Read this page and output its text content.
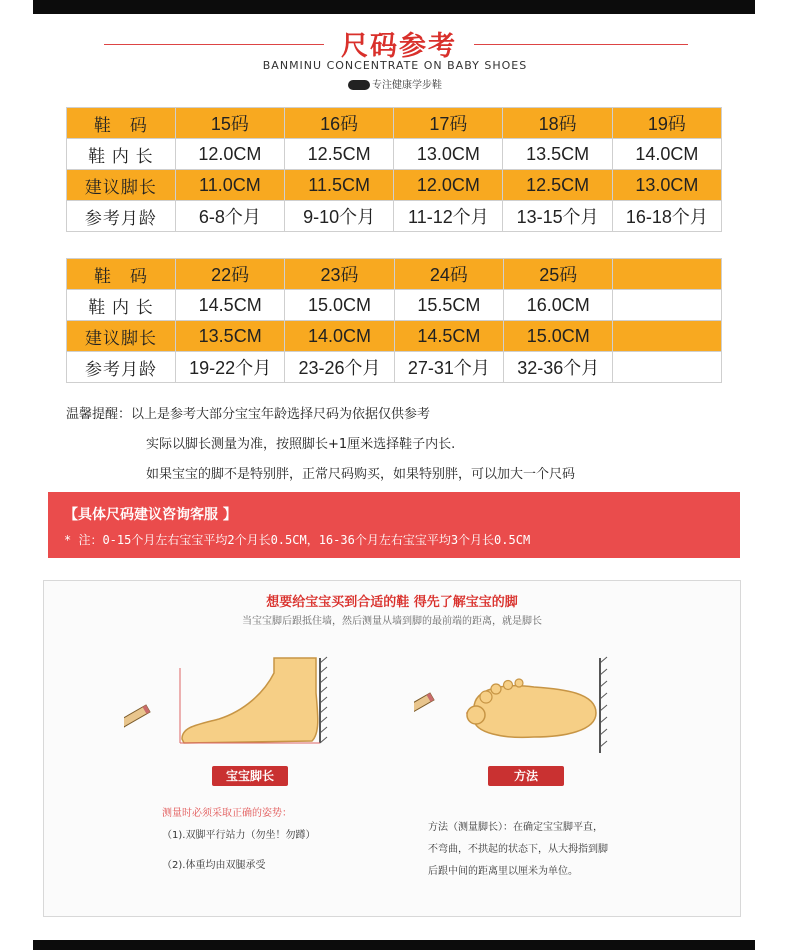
尺码参考
BANMINU CONCENTRATE ON BABY SHOES
专注健康学步鞋
鞋　码	15码	16码	17码	18码	19码
鞋 内 长	12.0CM	12.5CM	13.0CM	13.5CM	14.0CM
建议脚长	11.0CM	11.5CM	12.0CM	12.5CM	13.0CM
参考月龄	6-8个月	9-10个月	11-12个月	13-15个月	16-18个月
鞋　码	22码	23码	24码	25码	
鞋 内 长	14.5CM	15.0CM	15.5CM	16.0CM	
建议脚长	13.5CM	14.0CM	14.5CM	15.0CM	
参考月龄	19-22个月	23-26个月	27-31个月	32-36个月	
温馨提醒：以上是参考大部分宝宝年龄选择尺码为依据仅供参考
实际以脚长测量为准，按照脚长+1厘米选择鞋子内长.
如果宝宝的脚不是特别胖，正常尺码购买，如果特别胖，可以加大一个尺码
【具体尺码建议咨询客服 】
* 注：0-15个月左右宝宝平均2个月长0.5CM，16-36个月左右宝宝平均3个月长0.5CM
想要给宝宝买到合适的鞋 得先了解宝宝的脚
当宝宝脚后跟抵住墙，然后测量从墙到脚的最前端的距离，就是脚长
宝宝脚长	方法
测量时必须采取正确的姿势：
（1).双脚平行站力（勿坐！勿蹲）
（2).体重均由双腿承受
方法（测量脚长）：在确定宝宝脚平直，
不弯曲，不拱起的状态下，从大拇指到脚
后跟中间的距离里以厘米为单位。
